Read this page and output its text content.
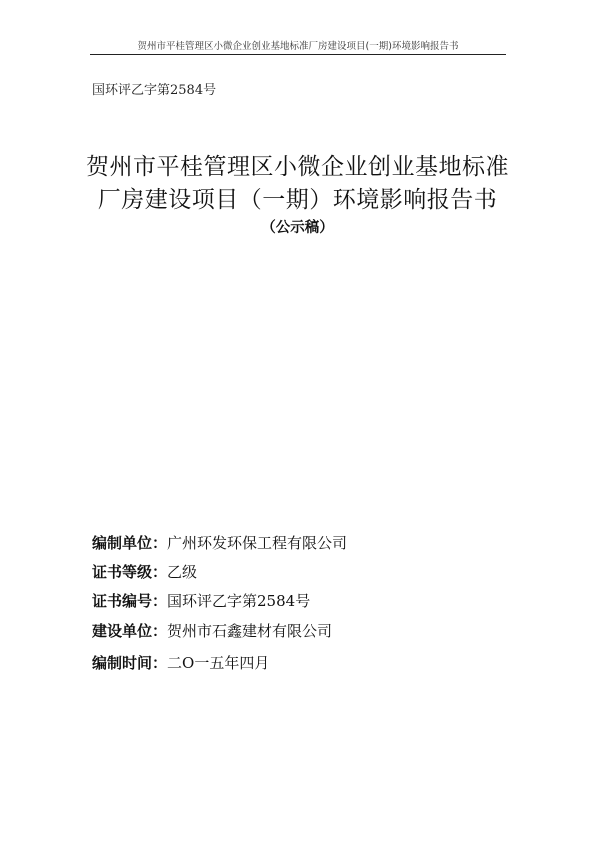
贺州市平桂管理区小微企业创业基地标准厂房建设项目(一期)环境影响报告书
国环评乙字第2584号
贺州市平桂管理区小微企业创业基地标准
厂房建设项目（一期）环境影响报告书
（公示稿）
编制单位：广州环发环保工程有限公司
证书等级：乙级
证书编号：国环评乙字第2584号
建设单位：贺州市石鑫建材有限公司
编制时间：二O一五年四月
